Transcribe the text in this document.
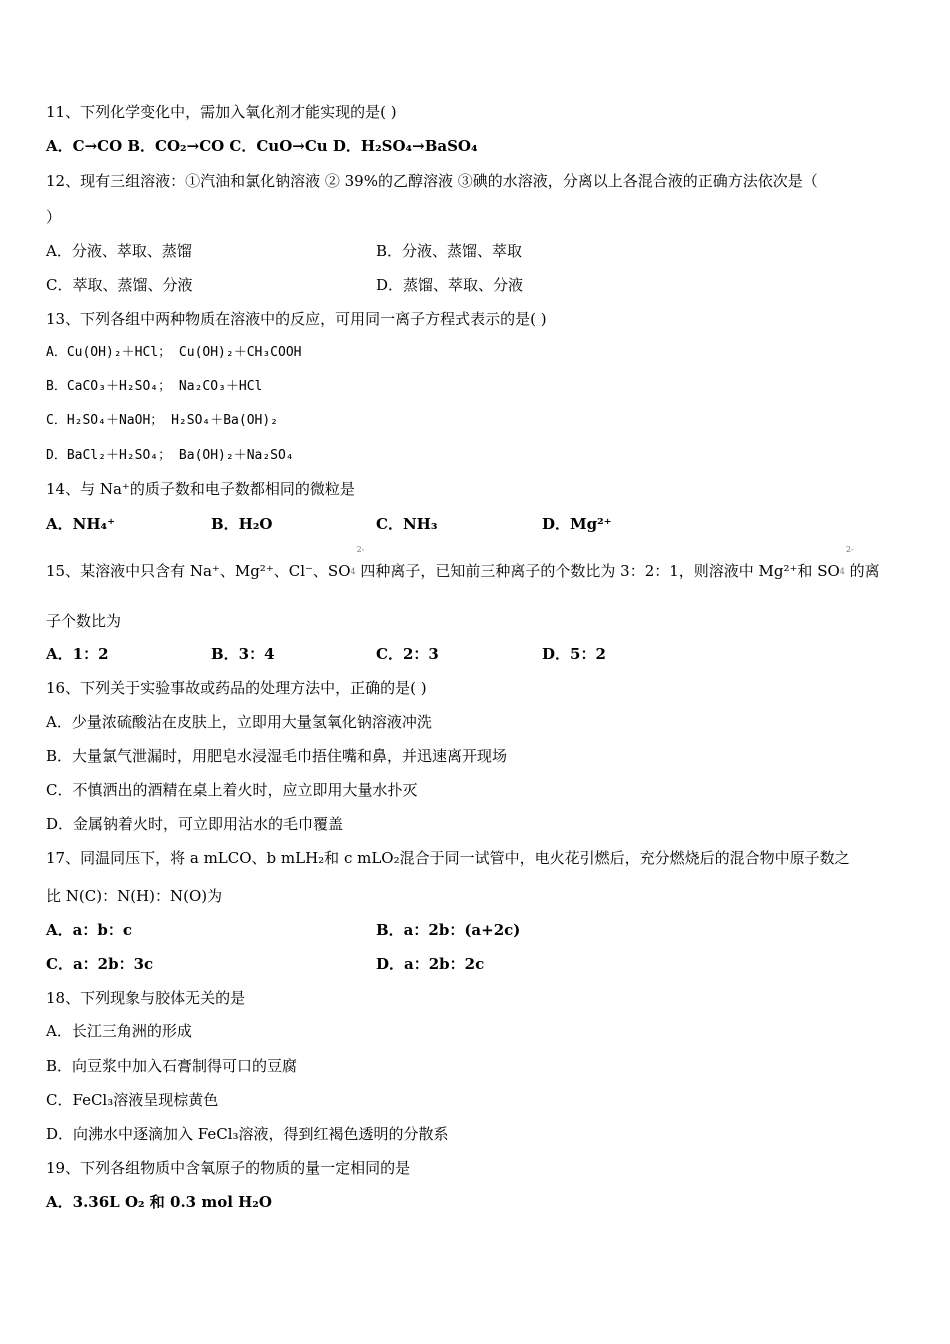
11、下列化学变化中，需加入氧化剂才能实现的是( )
A．C→CO B．CO₂→CO C．CuO→Cu D．H₂SO₄→BaSO₄
12、现有三组溶液：①汽油和氯化钠溶液 ② 39%的乙醇溶液 ③碘的水溶液，分离以上各混合液的正确方法依次是（
）
A．分液、萃取、蒸馏	B．分液、蒸馏、萃取
C．萃取、蒸馏、分液	D．蒸馏、萃取、分液
13、下列各组中两种物质在溶液中的反应，可用同一离子方程式表示的是( )
A．Cu(OH)₂＋HCl； Cu(OH)₂＋CH₃COOH
B．CaCO₃＋H₂SO₄； Na₂CO₃＋HCl
C．H₂SO₄＋NaOH； H₂SO₄＋Ba(OH)₂
D．BaCl₂＋H₂SO₄； Ba(OH)₂＋Na₂SO₄
14、与 Na⁺的质子数和电子数都相同的微粒是
A．NH₄⁺	B．H₂O	C．NH₃	D．Mg²⁺
15、某溶液中只含有 Na⁺、Mg²⁺、Cl⁻、SO
2-
4 四种离子，已知前三种离子的个数比为 3：2：1，则溶液中 Mg²⁺和 SO
2-
4 的离
子个数比为
A．1：2	B．3：4	C．2：3	D．5：2
16、下列关于实验事故或药品的处理方法中，正确的是( )
A．少量浓硫酸沾在皮肤上，立即用大量氢氧化钠溶液冲洗
B．大量氯气泄漏时，用肥皂水浸湿毛巾捂住嘴和鼻，并迅速离开现场
C．不慎洒出的酒精在桌上着火时，应立即用大量水扑灭
D．金属钠着火时，可立即用沾水的毛巾覆盖
17、同温同压下，将 a mLCO、b mLH₂和 c mLO₂混合于同一试管中，电火花引燃后，充分燃烧后的混合物中原子数之
比 N(C)：N(H)：N(O)为
A．a：b：c	B．a：2b：(a+2c)
C．a：2b：3c	D．a：2b：2c
18、下列现象与胶体无关的是
A．长江三角洲的形成
B．向豆浆中加入石膏制得可口的豆腐
C．FeCl₃溶液呈现棕黄色
D．向沸水中逐滴加入 FeCl₃溶液，得到红褐色透明的分散系
19、下列各组物质中含氧原子的物质的量一定相同的是
A．3.36L O₂ 和 0.3 mol H₂O
